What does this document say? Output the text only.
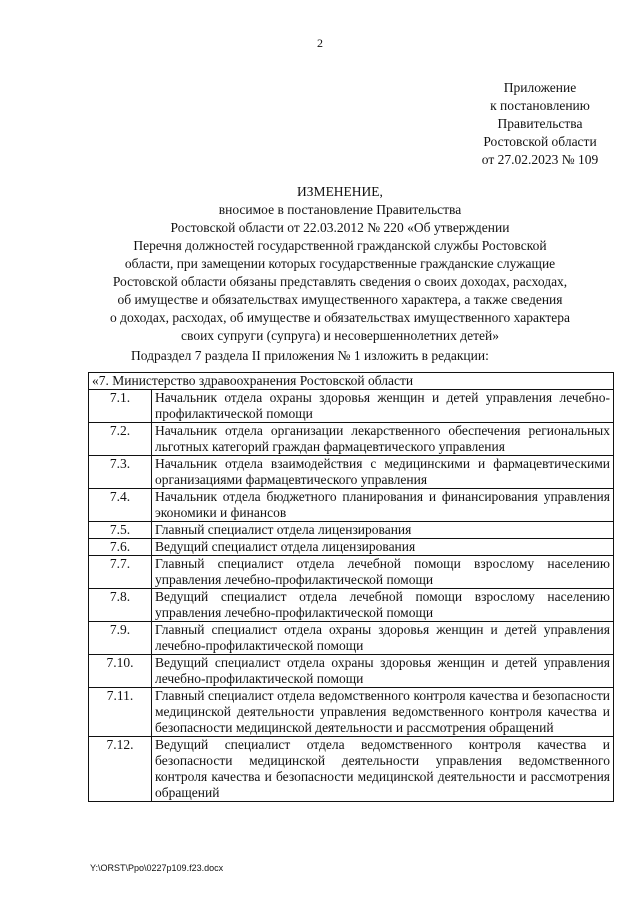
2
Приложение
к постановлению
Правительства
Ростовской области
от 27.02.2023 № 109
ИЗМЕНЕНИЕ,
вносимое в постановление Правительства
Ростовской области от 22.03.2012 № 220 «Об утверждении
Перечня должностей государственной гражданской службы Ростовской
области, при замещении которых государственные гражданские служащие
Ростовской области обязаны представлять сведения о своих доходах, расходах,
об имуществе и обязательствах имущественного характера, а также сведения
о доходах, расходах, об имуществе и обязательствах имущественного характера
своих супруги (супруга) и несовершеннолетних детей»
Подраздел 7 раздела II приложения № 1 изложить в редакции:
«7. Министерство здравоохранения Ростовской области	
7.1.	Начальник отдела охраны здоровья женщин и детей управления лечебно-профилактической помощи
7.2.	Начальник отдела организации лекарственного обеспечения региональных льготных категорий граждан фармацевтического управления
7.3.	Начальник отдела взаимодействия с медицинскими и фармацевтическими организациями фармацевтического управления
7.4.	Начальник отдела бюджетного планирования и финансирования управления экономики и финансов
7.5.	Главный специалист отдела лицензирования
7.6.	Ведущий специалист отдела лицензирования
7.7.	Главный специалист отдела лечебной помощи взрослому населению управления лечебно-профилактической помощи
7.8.	Ведущий специалист отдела лечебной помощи взрослому населению управления лечебно-профилактической помощи
7.9.	Главный специалист отдела охраны здоровья женщин и детей управления лечебно-профилактической помощи
7.10.	Ведущий специалист отдела охраны здоровья женщин и детей управления лечебно-профилактической помощи
7.11.	Главный специалист отдела ведомственного контроля качества и безопасности медицинской деятельности управления ведомственного контроля качества и безопасности медицинской деятельности и рассмотрения обращений
7.12.	Ведущий специалист отдела ведомственного контроля качества и безопасности медицинской деятельности управления ведомственного контроля качества и безопасности медицинской деятельности и рассмотрения обращений
Y:\ORST\Ppo\0227p109.f23.docx
